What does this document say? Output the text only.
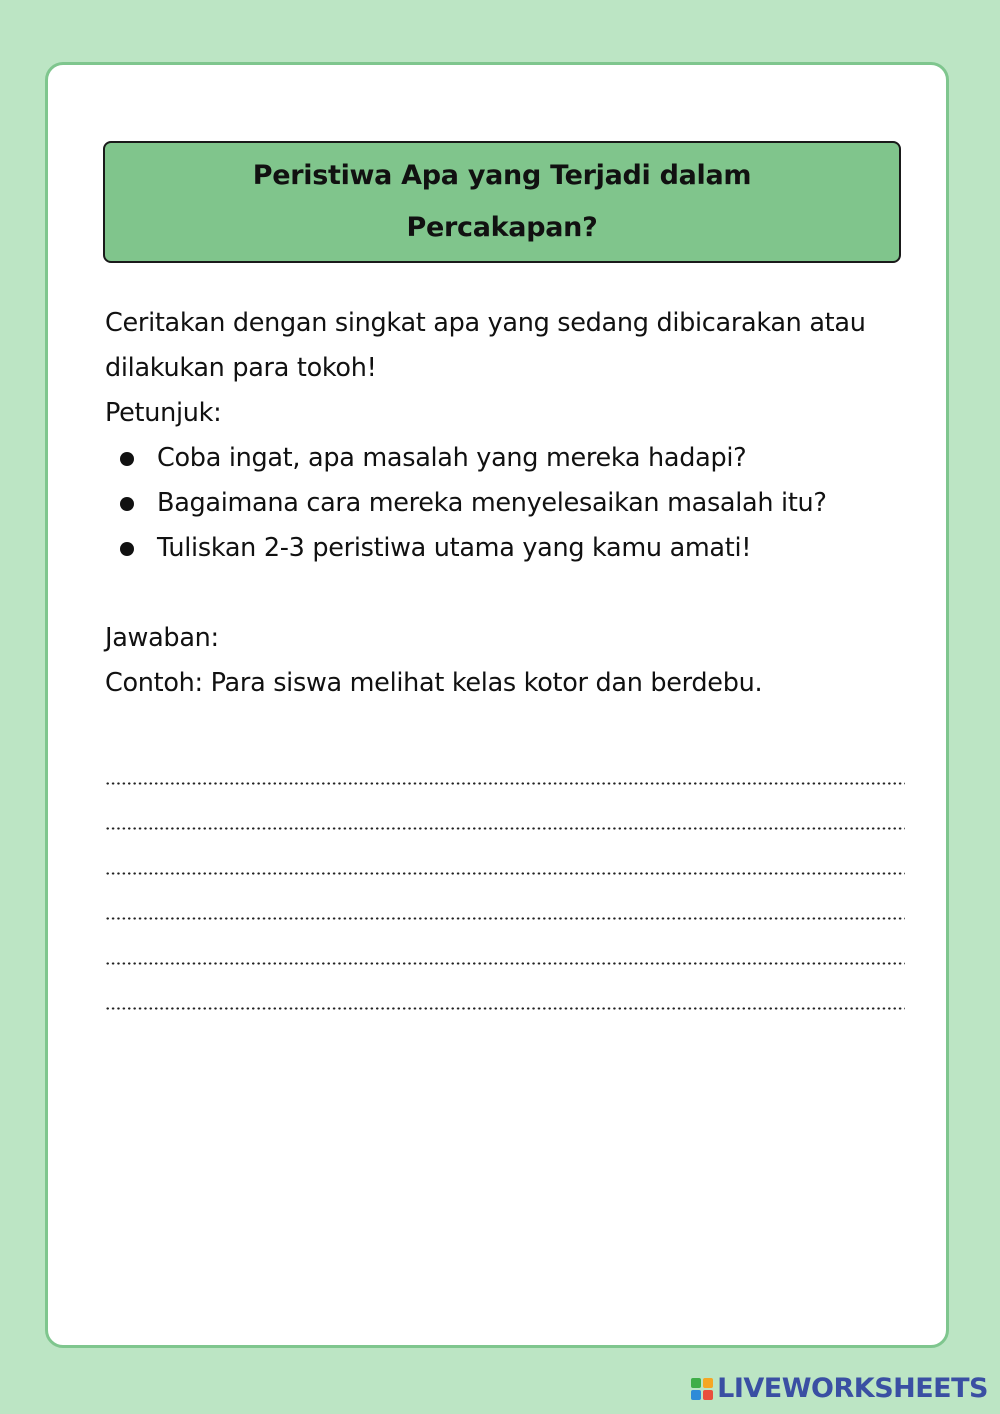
Peristiwa Apa yang Terjadi dalam
Percakapan?

Ceritakan dengan singkat apa yang sedang dibicarakan atau

dilakukan para tokoh!

Petunjuk:

Coba ingat, apa masalah yang mereka hadapi?
Bagaimana cara mereka menyelesaikan masalah itu?
Tuliskan 2-3 peristiwa utama yang kamu amati!

Jawaban:

Contoh: Para siswa melihat kelas kotor dan berdebu.

LIVEWORKSHEETS
